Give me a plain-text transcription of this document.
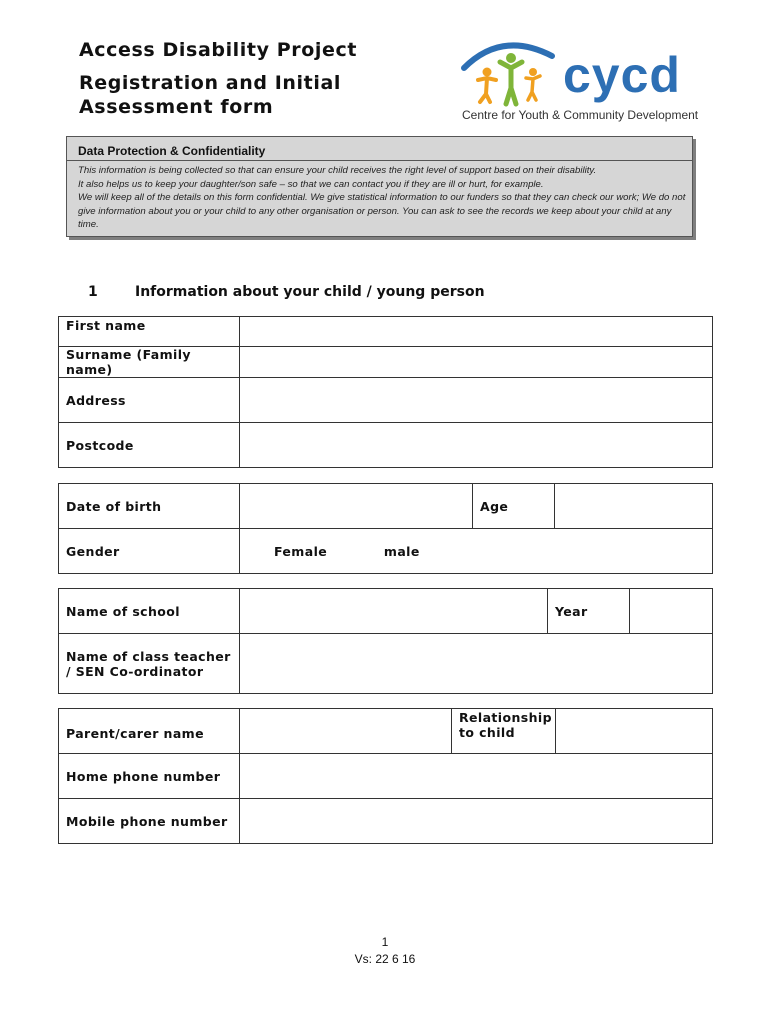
Access Disability Project
Registration and Initial
Assessment form
cycd
Centre for Youth & Community Development
Data Protection & Confidentiality

This information is being collected so that can ensure your child receives the right level of support based on their disability.

It also helps us to keep your daughter/son safe – so that we can contact you if they are ill or hurt, for example.

We will keep all of the details on this form confidential. We give statistical information to our funders so that they can check our work; We do not give information about you or your child to any other organisation or person. You can ask to see the records we keep about your child at any time.

1	Information about your child / young person
First name	
Surname (Family name)	
Address	
Postcode	
Date of birth		Age	
Gender	Female male		
Name of school		Year	
Name of class teacher / SEN Co-ordinator			
Parent/carer name		Relationship to child	
Home phone number			
Mobile phone number			
1
Vs: 22 6 16
